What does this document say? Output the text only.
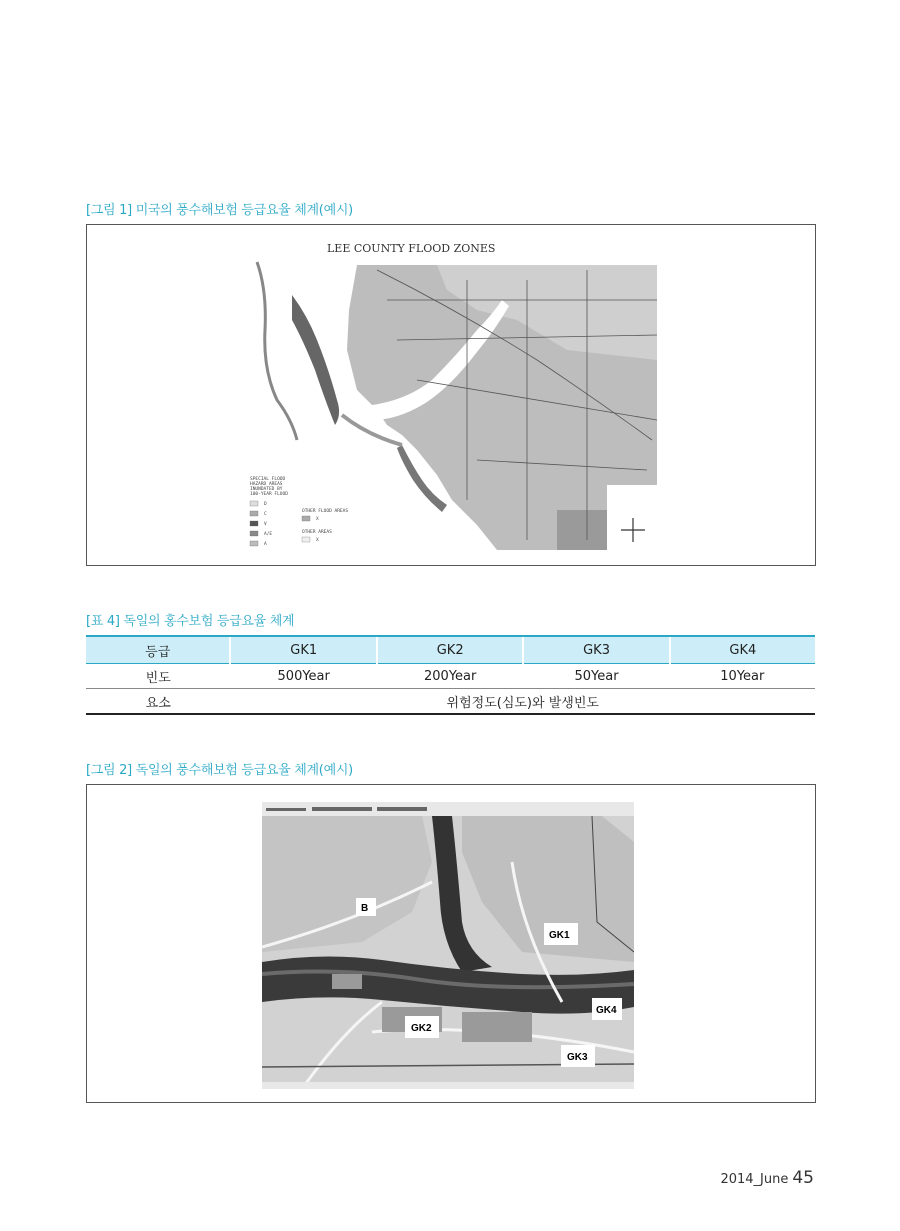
[그림 1] 미국의 풍수해보험 등급요율 체계(예시)
LEE COUNTY FLOOD ZONES
SPECIAL FLOOD
HAZARD AREAS
INUNDATED BY
100-YEAR FLOOD
D
C
V
A/E
A
OTHER FLOOD AREAS
X
OTHER AREAS
X
[표 4] 독일의 홍수보험 등급요율 체계
등급	GK1	GK2	GK3	GK4
빈도	500Year	200Year	50Year	10Year
요소	위험정도(심도)와 발생빈도			
[그림 2] 독일의 풍수해보험 등급요율 체계(예시)
B
GK1
GK2
GK3
GK4
2014_June 45
